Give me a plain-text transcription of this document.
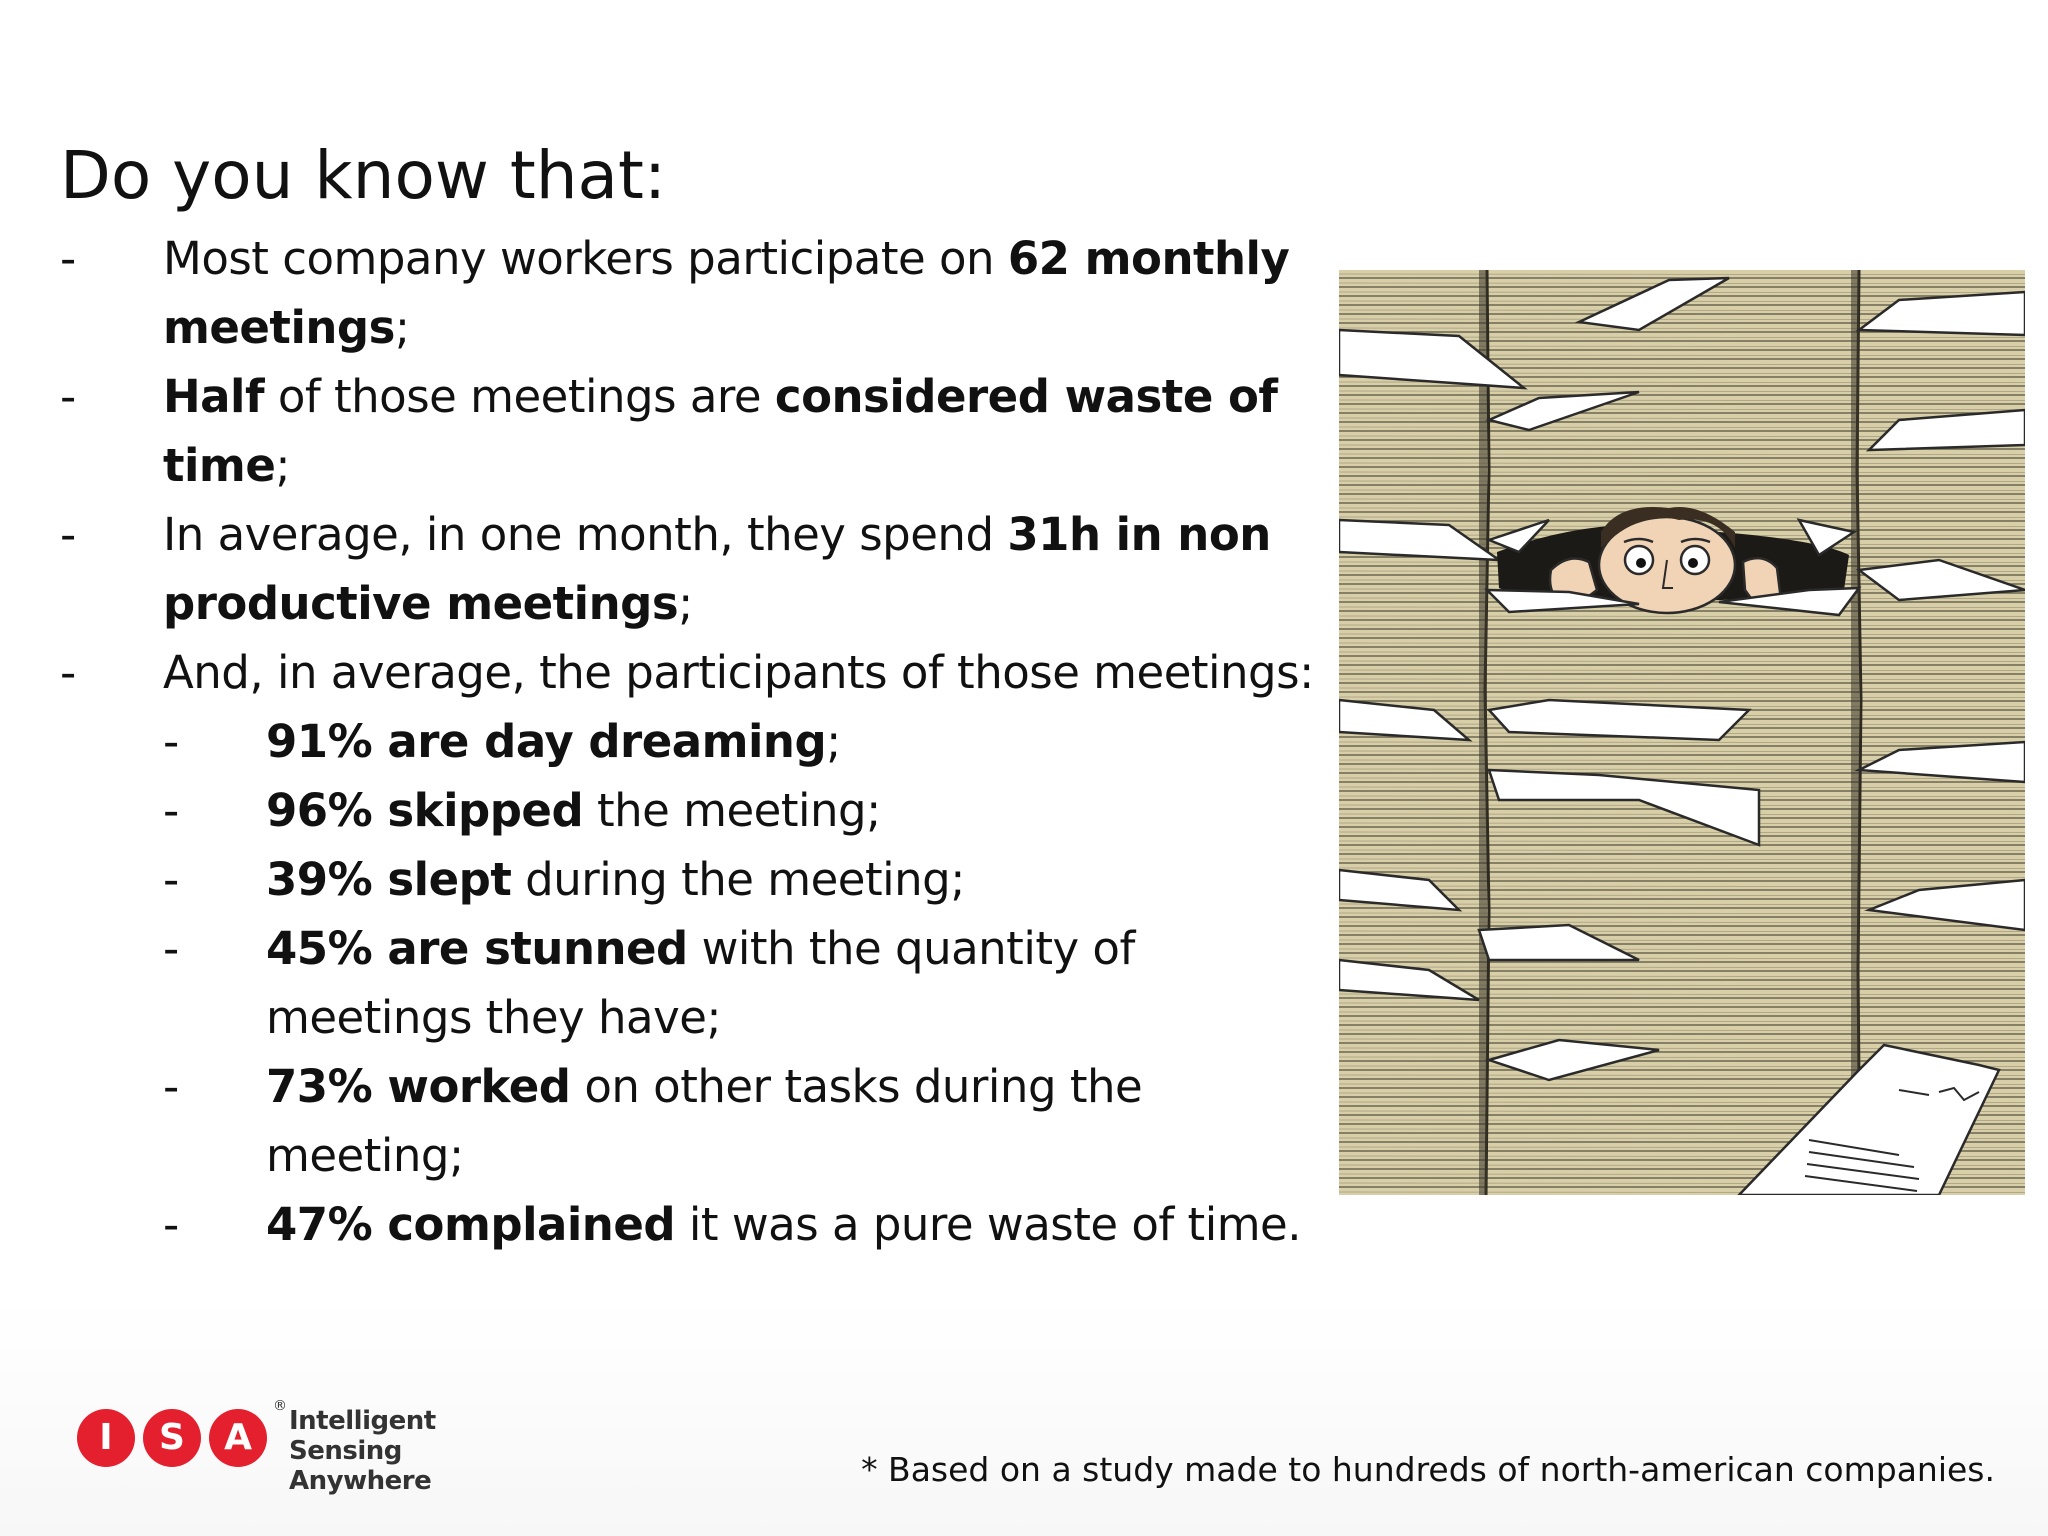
Do you know that:
- Most company workers participate on 62 monthly meetings;
- Half of those meetings are considered waste of time;
- In average, in one month, they spend 31h in non productive meetings;
- And, in average, the participants of those meetings:
- 91% are day dreaming;
- 96% skipped the meeting;
- 39% slept during the meeting;
- 45% are stunned with the quantity of meetings they have;
- 73% worked on other tasks during the meeting;
- 47% complained it was a pure waste of time.
I	S	A
® Intelligent Sensing
Anywhere	* Based on a study made to hundreds of north-american companies.
